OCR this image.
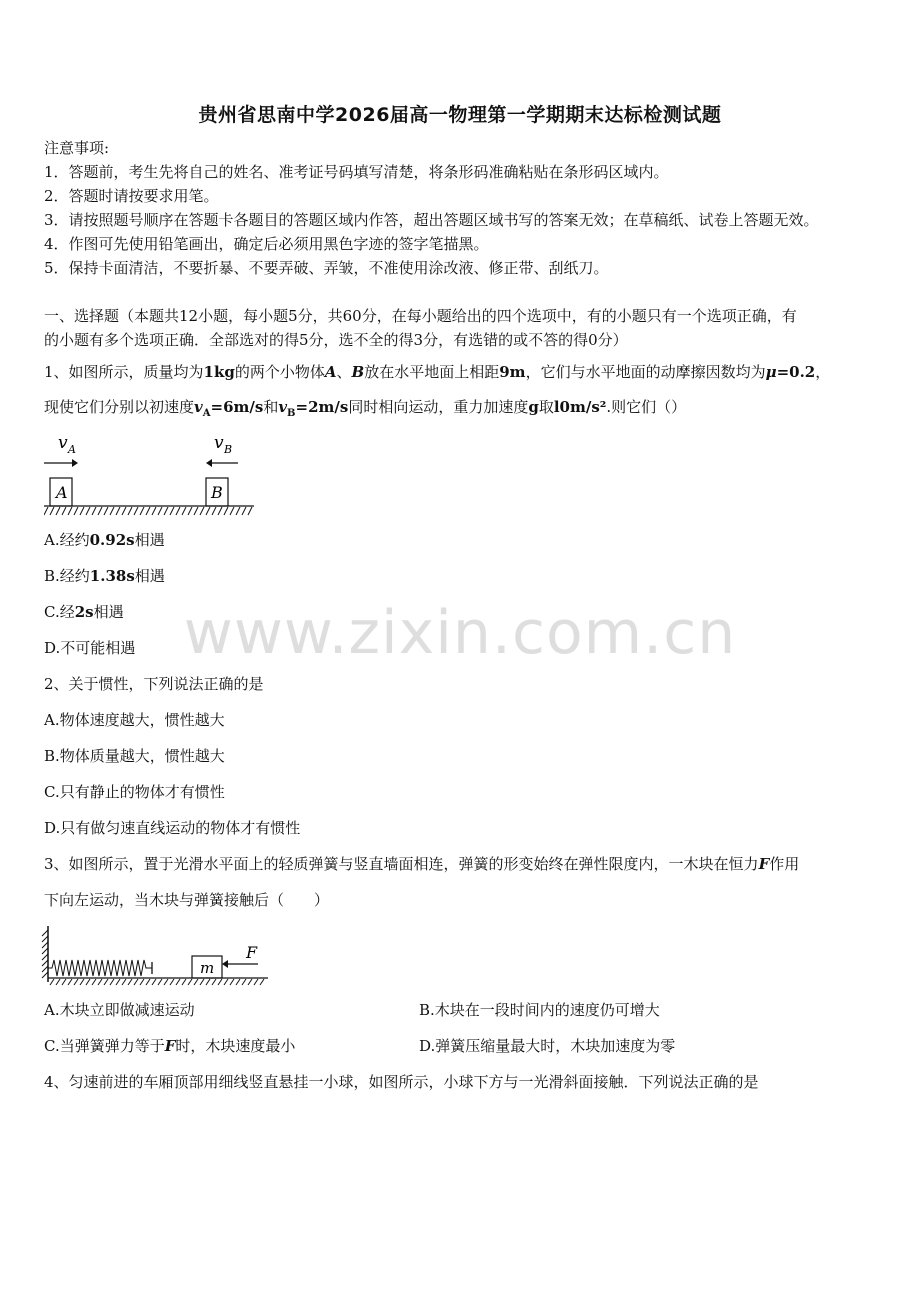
贵州省思南中学2026届高一物理第一学期期末达标检测试题
注意事项:
1．答题前，考生先将自己的姓名、准考证号码填写清楚，将条形码准确粘贴在条形码区域内。
2．答题时请按要求用笔。
3．请按照题号顺序在答题卡各题目的答题区域内作答，超出答题区域书写的答案无效；在草稿纸、试卷上答题无效。
4．作图可先使用铅笔画出，确定后必须用黑色字迹的签字笔描黑。
5．保持卡面清洁，不要折暴、不要弄破、弄皱，不准使用涂改液、修正带、刮纸刀。
一、选择题（本题共12小题，每小题5分，共60分，在每小题给出的四个选项中，有的小题只有一个选项正确，有
的小题有多个选项正确．全部选对的得5分，选不全的得3分，有选错的或不答的得0分）
1、如图所示，质量均为1kg的两个小物体A、B放在水平地面上相距9m，它们与水平地面的动摩擦因数均为μ=0.2，
现使它们分别以初速度$v_A=6m/s$和$v_B=2m/s$同时相向运动，重力加速度g取l0m/s².则它们（）
v A	v B
A	B
A.经约0.92s相遇
B.经约1.38s相遇
C.经2s相遇
D.不可能相遇
2、关于惯性，下列说法正确的是
A.物体速度越大，惯性越大
B.物体质量越大，惯性越大
C.只有静止的物体才有惯性
D.只有做匀速直线运动的物体才有惯性
3、如图所示，置于光滑水平面上的轻质弹簧与竖直墙面相连，弹簧的形变始终在弹性限度内，一木块在恒力F作用
下向左运动，当木块与弹簧接触后（　　）
m
F
A.木块立即做减速运动	B.木块在一段时间内的速度仍可增大
C.当弹簧弹力等于F时，木块速度最小	D.弹簧压缩量最大时，木块加速度为零
4、匀速前进的车厢顶部用细线竖直悬挂一小球，如图所示，小球下方与一光滑斜面接触．下列说法正确的是
www.zixin.com.cn
